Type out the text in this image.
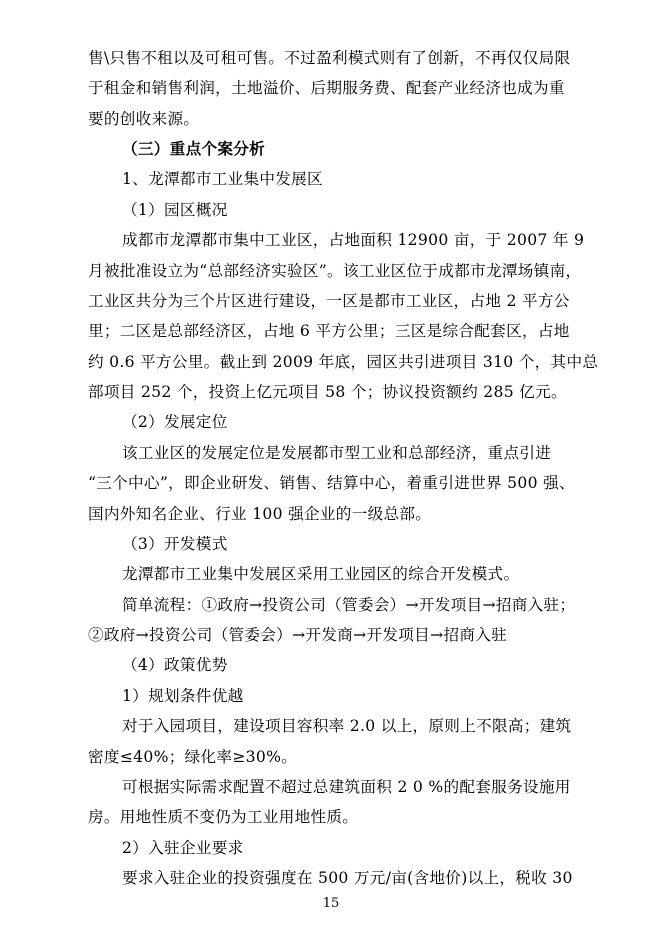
售\只售不租以及可租可售。不过盈利模式则有了创新，不再仅仅局限
于租金和销售利润，土地溢价、后期服务费、配套产业经济也成为重
要的创收来源。
（三）重点个案分析
1、龙潭都市工业集中发展区
（1）园区概况
成都市龙潭都市集中工业区，占地面积 12900 亩，于 2007 年 9
月被批准设立为“总部经济实验区”。该工业区位于成都市龙潭场镇南，
工业区共分为三个片区进行建设，一区是都市工业区，占地 2 平方公
里；二区是总部经济区，占地 6 平方公里；三区是综合配套区，占地
约 0.6 平方公里。截止到 2009 年底，园区共引进项目 310 个，其中总
部项目 252 个，投资上亿元项目 58 个；协议投资额约 285 亿元。
（2）发展定位
该工业区的发展定位是发展都市型工业和总部经济，重点引进
“三个中心”，即企业研发、销售、结算中心，着重引进世界 500 强、
国内外知名企业、行业 100 强企业的一级总部。
（3）开发模式
龙潭都市工业集中发展区采用工业园区的综合开发模式。
简单流程：①政府→投资公司（管委会）→开发项目→招商入驻；
②政府→投资公司（管委会）→开发商→开发项目→招商入驻
（4）政策优势
1）规划条件优越
对于入园项目，建设项目容积率 2.0 以上，原则上不限高；建筑
密度≤40%；绿化率≥30%。
可根据实际需求配置不超过总建筑面积 2 0 %的配套服务设施用
房。用地性质不变仍为工业用地性质。
2）入驻企业要求
要求入驻企业的投资强度在 500 万元/亩(含地价)以上，税收 30
15
